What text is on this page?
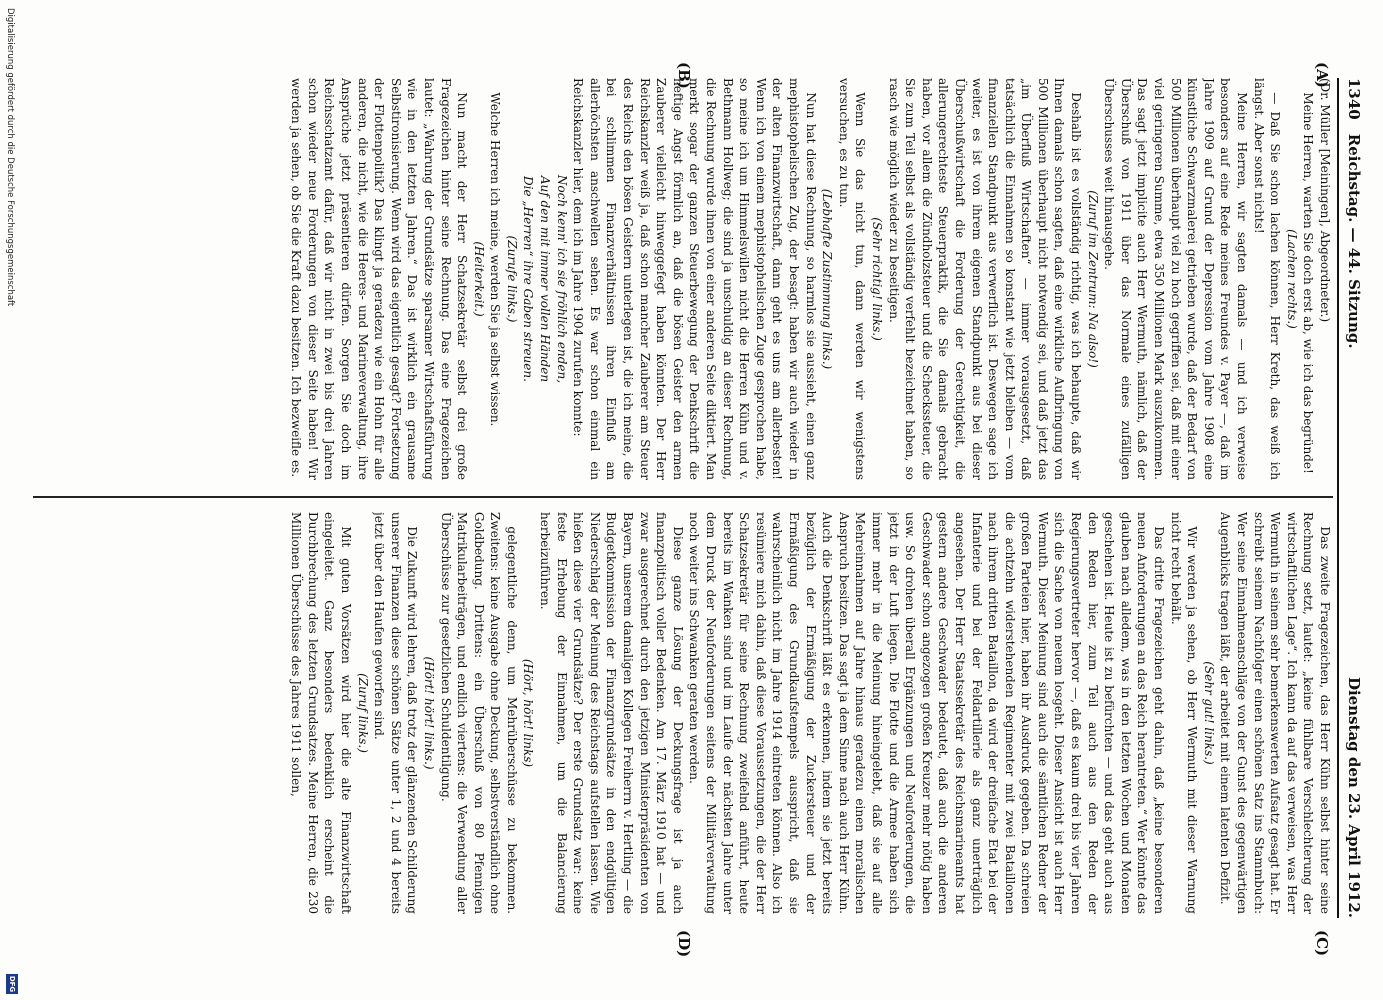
1340
Reichstag. — 44. Sitzung.
Dienstag den 23. April 1912.
(A)
(B)
(C)
(D)

(Dr. Müller [Meiningen], Abgeordneter.)

Meine Herren, warten Sie doch erst ab, wie ich das begründe!

(Lachen rechts.)

— Daß Sie schon lachen können, Herr Kreth, das weiß ich längst. Aber sonst nichts!

Meine Herren, wir sagten damals — und ich verweise besonders auf eine Rede meines Freundes v. Payer —, daß im Jahre 1909 auf Grund der Depression vom Jahre 1908 eine künstliche Schwarzmalerei getrieben wurde, daß der Bedarf von 500 Millionen überhaupt viel zu hoch gegriffen sei, daß mit einer viel geringeren Summe, etwa 350 Millionen Mark auszukommen. Das sagt jetzt implicite auch Herr Wermuth, nämlich, daß der Überschuß von 1911 über das Normale eines zufälligen Überschusses weit hinausgehe.

(Zuruf im Zentrum: Na also!)

Deshalb ist es vollständig richtig, was ich behaupte, daß wir Ihnen damals schon sagten, daß eine wirkliche Aufbringung von 500 Millionen überhaupt nicht notwendig sei, und daß jetzt das „im Überfluß Wirtschaften“ — immer vorausgesetzt, daß tatsächlich die Einnahmen so konstant wie jetzt bleiben — vom finanziellen Standpunkt aus verwerflich ist. Deswegen sage ich weiter, es ist von ihrem eigenen Standpunkt aus bei dieser Überschußwirtschaft die Forderung der Gerechtigkeit, die allerungerechteste Steuerpraktik, die Sie damals gebracht haben, vor allem die Zündholzsteuer und die Scheckssteuer, die Sie zum Teil selbst als vollständig verfehlt bezeichnet haben, so rasch wie möglich wieder zu beseitigen.

(Sehr richtig! links.)

Wenn Sie das nicht tun, dann werden wir wenigstens versuchen, es zu tun.

(Lebhafte Zustimmung links.)

Nun hat diese Rechnung, so harmlos sie aussieht, einen ganz mephistophelischen Zug, der besagt: haben wir auch wieder in der alten Finanzwirtschaft, dann geht es uns am allerbesten! Wenn ich von einem mephistophelischen Zuge gesprochen habe, so meine ich um Himmelswillen nicht die Herren Kühn und v. Bethmann Hollweg; die sind ja unschuldig an dieser Rechnung, die Rechnung wurde ihnen von einer anderen Seite diktiert. Man merkt sogar der ganzen Steuerbewegung der Denkschrift die heftige Angst förmlich an, daß die bösen Geister den armen Zauberer vielleicht hinweggefegt haben könnten. Der Herr Reichskanzler weiß ja, daß schon mancher Zauberer am Steuer des Reichs den bösen Geistern unterlegen ist, die ich meine, die bei schlimmen Finanzverhältnissen ihren Einfluß am allerhöchsten anschwellen sehen. Es war schon einmal ein Reichskanzler hier, dem ich im Jahre 1904 zurufen konnte:

Noch kenn' ich sie fröhlich enden,

Auf den mit immer vollen Händen

Die „Herren“ ihre Gaben streuen.

(Zurufe links.)

Welche Herren ich meine, werden Sie ja selbst wissen.

(Heiterkeit.)

Nun macht der Herr Schatzsekretär selbst drei große Fragezeichen hinter seine Rechnung. Das eine Fragezeichen lautet: „Wahrung der Grundsätze sparsamer Wirtschaftsführung wie in den letzten Jahren.“ Das ist wirklich ein grausame Selbstironisierung. Wenn wird das eigentlich gesagt? Fortsetzung der Flottenpolitik? Das klingt ja geradezu wie ein Hohn für alle anderen, die nicht, wie die Heeres- und Marineverwaltung, ihre Ansprüche jetzt präsentieren dürfen. Sorgen Sie doch im Reichsschatzamt dafür, daß wir nicht in zwei bis drei Jahren schon wieder neue Forderungen von dieser Seite haben! Wir werden ja sehen, ob Sie die Kraft dazu besitzen. Ich bezweifle es.

Das zweite Fragezeichen, das Herr Kühn selbst hinter seine Rechnung setzt, lautet: „keine fühlbare Verschlechterung der wirtschaftlichen Lage“. Ich kann da auf das verweisen, was Herr Wermuth in seinem sehr bemerkenswerten Aufsatz gesagt hat. Er schreibt seinem Nachfolger einen schönen Satz ins Stammbuch: Wer seine Einnahmeanschläge von der Gunst des gegenwärtigen Augenblicks tragen läßt, der arbeitet mit einem latenten Defizit.

(Sehr gut! links.)

Wir werden ja sehen, ob Herr Wermuth mit dieser Warnung nicht recht behält.

Das dritte Fragezeichen geht dahin, daß „keine besonderen neuen Anforderungen an das Reich herantreten.“ Wer könnte das glauben nach alledem, was in den letzten Wochen und Monaten geschehen ist. Heute ist zu befürchten — und das geht auch aus den Reden hier, zum Teil auch aus den Reden der Regierungsvertreter hervor —, daß es kaum drei bis vier Jahren sich die Sache von neuem losgeht. Dieser Ansicht ist auch Herr Wermuth. Dieser Meinung sind auch die sämtlichen Redner der großen Parteien hier, haben ihr Ausdruck gegeben. Da schreien die achtzehn widerstehenden Regimenter mit zwei Bataillonen nach ihrem dritten Bataillon, da wird der dreifache Etat bei der Infanterie und bei der Feldartillerie als ganz unerträglich angesehen. Der Herr Staatssekretär des Reichsmarineamts hat gestern andere Geschwader bedeutet, daß auch die anderen Geschwader schon angezogen großen Kreuzer mehr nötig haben usw. So drohen überall Ergänzungen und Neuforderungen, die jetzt in der Luft liegen. Die Flotte und die Armee haben sich immer mehr in die Meinung hineingelebt, daß sie auf alle Mehreinnahmen auf Jahre hinaus geradezu einen moralischen Anspruch besitzen. Das sagt ja dem Sinne nach auch Herr Kühn. Auch die Denkschrift läßt es erkennen, indem sie jetzt bereits bezüglich der Ermäßigung der Zuckersteuer und der Ermäßigung des Grundkaufstempels ausspricht, daß sie wahrscheinlich nicht im Jahre 1914 eintreten können. Also ich resümiere mich dahin, daß diese Voraussetzungen, die der Herr Schatzsekretär für seine Rechnung zweifelnd anführt, heute bereits im Wanken sind und im Laufe der nächsten Jahre unter dem Druck der Neuforderungen seitens der Militärverwaltung noch weiter ins Schwanken geraten werden.

Diese ganze Lösung der Deckungsfrage ist ja auch finanzpolitisch voller Bedenken. Am 17. März 1910 hat — und zwar ausgerechnet durch den jetzigen Ministerpräsidenten von Bayern, unserem damaligen Kollegen Freiherrn v. Hertling — die Budgetkommission der Finanzgrundsätze in den endgültigen Niederschlag der Meinung des Reichstags aufstellen lassen. Wie hießen diese vier Grundsätze? Der erste Grundsatz war: keine feste Erhebung der Einnahmen, um die Balancierung herbeizuführen.

(Hört, hört! links)

gelegentliche denn, um Mehrüberschüsse zu bekommen. Zweitens: keine Ausgabe ohne Deckung, selbstverständlich ohne Goldbedung. Drittens: ein Überschuß von 80 Pfennigen Matrikularbeiträgen, und endlich viertens: die Verwendung aller Überschüsse zur gesetzlichen Schuldentilgung.

(Hört! hört! links.)

Die Zukunft wird lehren, daß trotz der glänzenden Schilderung unserer Finanzen diese schönen Sätze unter 1, 2 und 4 bereits jetzt über den Haufen geworfen sind.

(Zuruf links.)

Mit guten Vorsätzen wird hier die alte Finanzwirtschaft eingeleitet. Ganz besonders bedenklich erscheint die Durchbrechung des letzten Grundsatzes. Meine Herren, die 230 Millionen Überschüsse des Jahres 1911 sollen,

Digitalisierung gefördert durch die Deutsche Forschungsgemeinschaft
DFG
